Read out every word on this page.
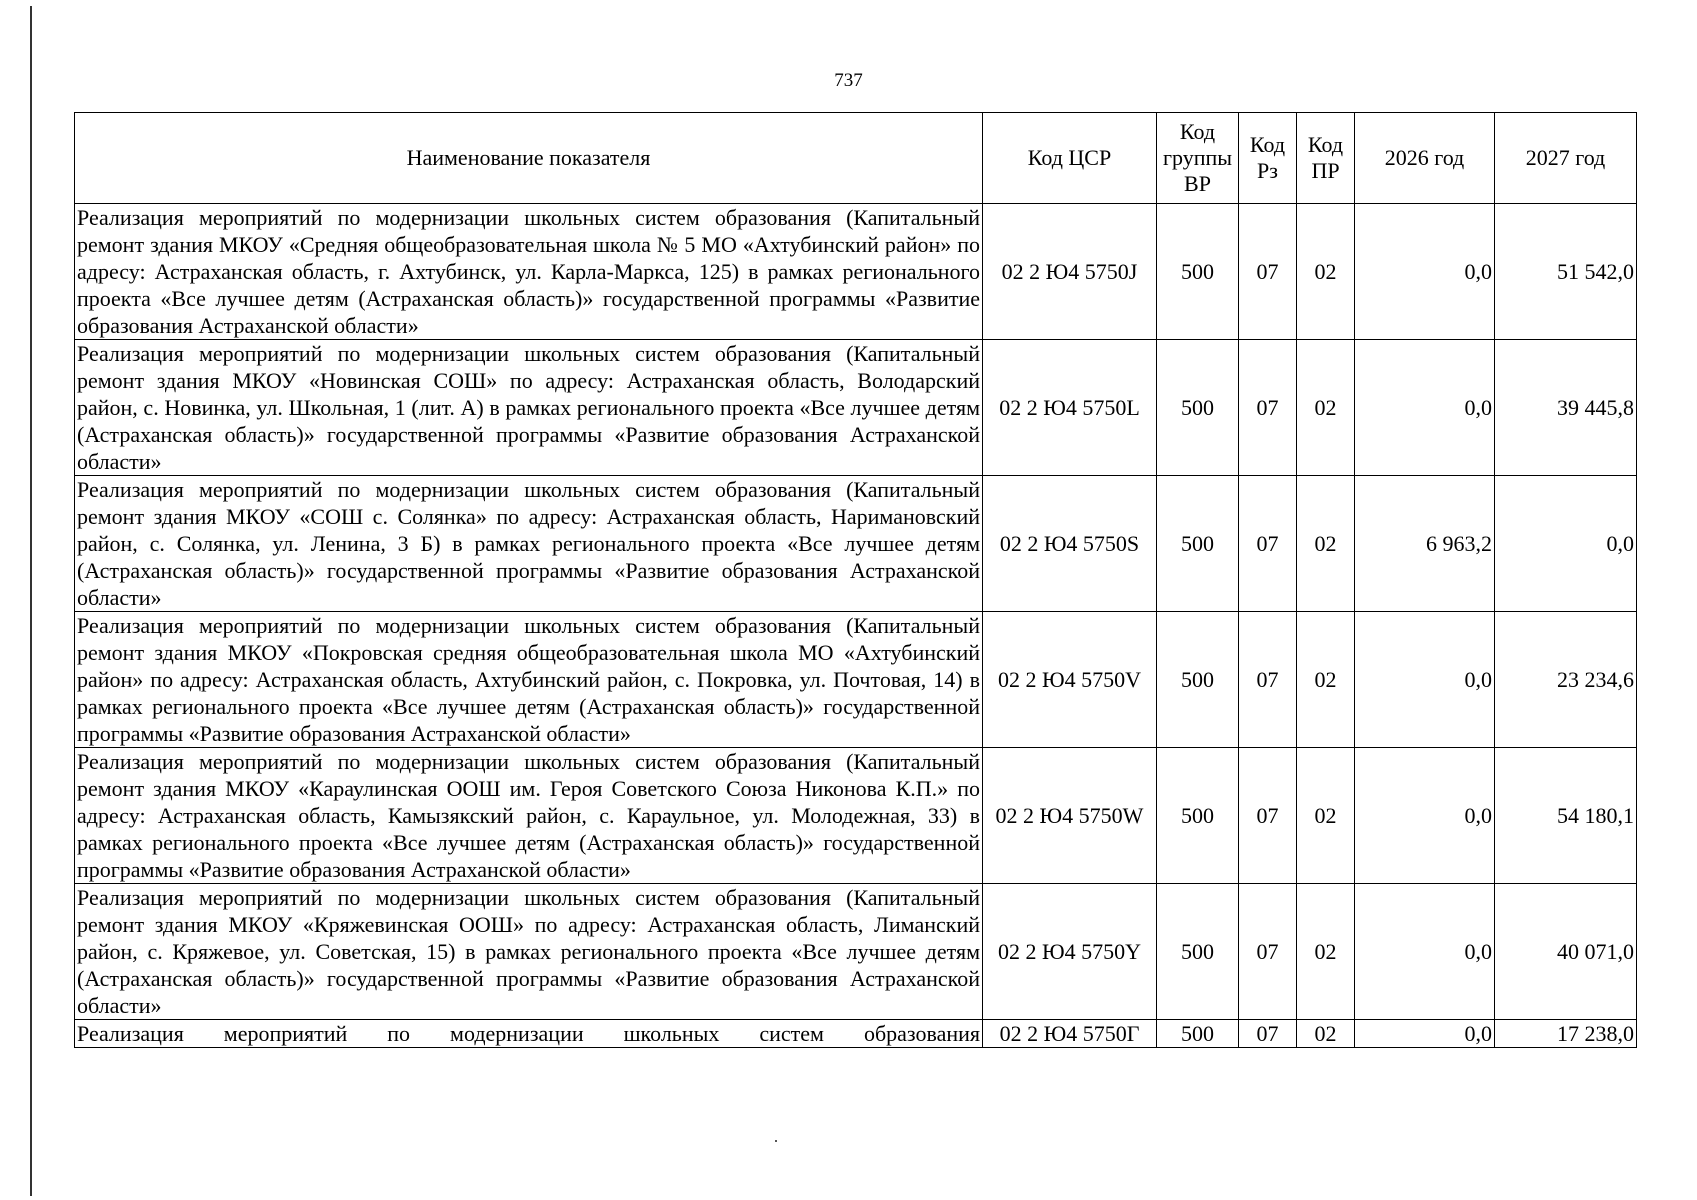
737
Наименование показателя	Код ЦСР	Код группы ВР	Код Рз	Код ПР	2026 год	2027 год
Реализация мероприятий по модернизации школьных систем образования (Капитальный ремонт здания МКОУ «Средняя общеобразовательная школа № 5 МО «Ахтубинский район» по адресу: Астраханская область, г. Ахтубинск, ул. Карла-Маркса, 125) в рамках регионального проекта «Все лучшее детям (Астраханская область)» государственной программы «Развитие образования Астраханской области»	02 2 Ю4 5750J	500	07	02	0,0	51 542,0
Реализация мероприятий по модернизации школьных систем образования (Капитальный ремонт здания МКОУ «Новинская СОШ» по адресу: Астраханская область, Володарский район, с. Новинка, ул. Школьная, 1 (лит. А) в рамках регионального проекта «Все лучшее детям (Астраханская область)» государственной программы «Развитие образования Астраханской области»	02 2 Ю4 5750L	500	07	02	0,0	39 445,8
Реализация мероприятий по модернизации школьных систем образования (Капитальный ремонт здания МКОУ «СОШ с. Солянка» по адресу: Астраханская область, Наримановский район, с. Солянка, ул. Ленина, 3 Б) в рамках регионального проекта «Все лучшее детям (Астраханская область)» государственной программы «Развитие образования Астраханской области»	02 2 Ю4 5750S	500	07	02	6 963,2	0,0
Реализация мероприятий по модернизации школьных систем образования (Капитальный ремонт здания МКОУ «Покровская средняя общеобразовательная школа МО «Ахтубинский район» по адресу: Астраханская область, Ахтубинский район, с. Покровка, ул. Почтовая, 14) в рамках регионального проекта «Все лучшее детям (Астраханская область)» государственной программы «Развитие образования Астраханской области»	02 2 Ю4 5750V	500	07	02	0,0	23 234,6
Реализация мероприятий по модернизации школьных систем образования (Капитальный ремонт здания МКОУ «Караулинская ООШ им. Героя Советского Союза Никонова К.П.» по адресу: Астраханская область, Камызякский район, с. Караульное, ул. Молодежная, 33) в рамках регионального проекта «Все лучшее детям (Астраханская область)» государственной программы «Развитие образования Астраханской области»	02 2 Ю4 5750W	500	07	02	0,0	54 180,1
Реализация мероприятий по модернизации школьных систем образования (Капитальный ремонт здания МКОУ «Кряжевинская ООШ» по адресу: Астраханская область, Лиманский район, с. Кряжевое, ул. Советская, 15) в рамках регионального проекта «Все лучшее детям (Астраханская область)» государственной программы «Развитие образования Астраханской области»	02 2 Ю4 5750Y	500	07	02	0,0	40 071,0
Реализация мероприятий по модернизации школьных систем образования	02 2 Ю4 5750Г	500	07	02	0,0	17 238,0
